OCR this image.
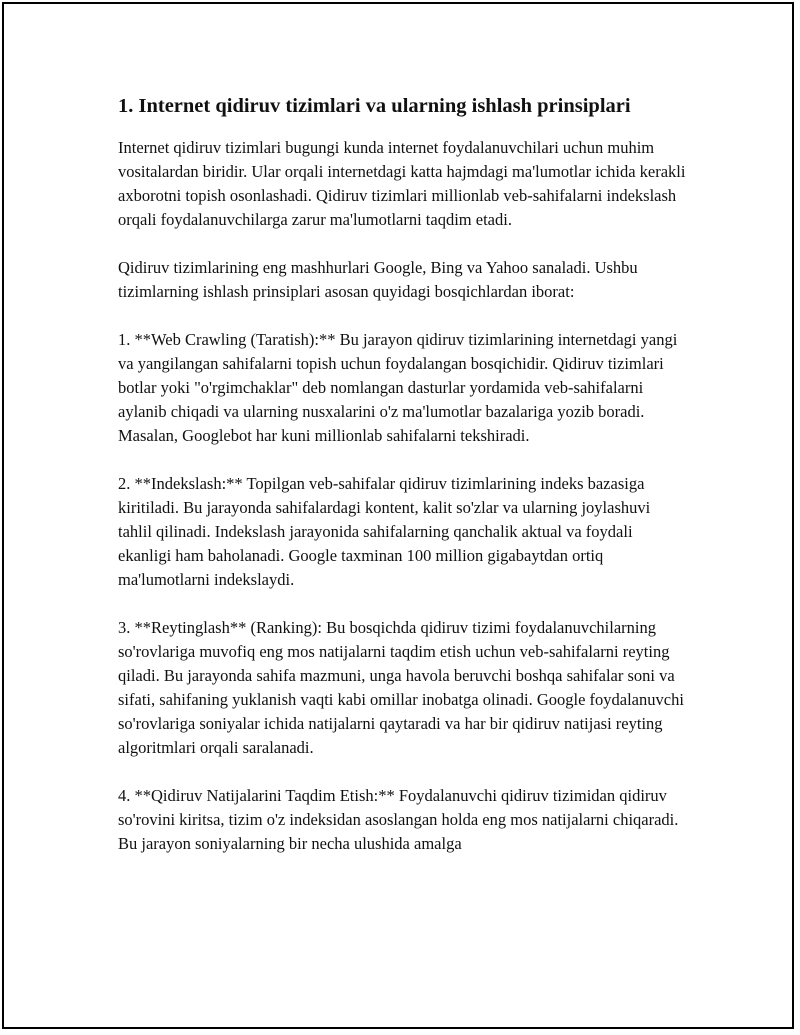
1. Internet qidiruv tizimlari va ularning ishlash prinsiplari

Internet qidiruv tizimlari bugungi kunda internet foydalanuvchilari uchun muhim vositalardan biridir. Ular orqali internetdagi katta hajmdagi ma'lumotlar ichida kerakli axborotni topish osonlashadi. Qidiruv tizimlari millionlab veb-sahifalarni indekslash orqali foydalanuvchilarga zarur ma'lumotlarni taqdim etadi.

Qidiruv tizimlarining eng mashhurlari Google, Bing va Yahoo sanaladi. Ushbu tizimlarning ishlash prinsiplari asosan quyidagi bosqichlardan iborat:

1. **Web Crawling (Taratish):** Bu jarayon qidiruv tizimlarining internetdagi yangi va yangilangan sahifalarni topish uchun foydalangan bosqichidir. Qidiruv tizimlari botlar yoki "o'rgimchaklar" deb nomlangan dasturlar yordamida veb-sahifalarni aylanib chiqadi va ularning nusxalarini o'z ma'lumotlar bazalariga yozib boradi. Masalan, Googlebot har kuni millionlab sahifalarni tekshiradi.

2. **Indekslash:** Topilgan veb-sahifalar qidiruv tizimlarining indeks bazasiga kiritiladi. Bu jarayonda sahifalardagi kontent, kalit so'zlar va ularning joylashuvi tahlil qilinadi. Indekslash jarayonida sahifalarning qanchalik aktual va foydali ekanligi ham baholanadi. Google taxminan 100 million gigabaytdan ortiq ma'lumotlarni indekslaydi.

3. **Reytinglash** (Ranking): Bu bosqichda qidiruv tizimi foydalanuvchilarning so'rovlariga muvofiq eng mos natijalarni taqdim etish uchun veb-sahifalarni reyting qiladi. Bu jarayonda sahifa mazmuni, unga havola beruvchi boshqa sahifalar soni va sifati, sahifaning yuklanish vaqti kabi omillar inobatga olinadi. Google foydalanuvchi so'rovlariga soniyalar ichida natijalarni qaytaradi va har bir qidiruv natijasi reyting algoritmlari orqali saralanadi.

4. **Qidiruv Natijalarini Taqdim Etish:** Foydalanuvchi qidiruv tizimidan qidiruv so'rovini kiritsa, tizim o'z indeksidan asoslangan holda eng mos natijalarni chiqaradi. Bu jarayon soniyalarning bir necha ulushida amalga
